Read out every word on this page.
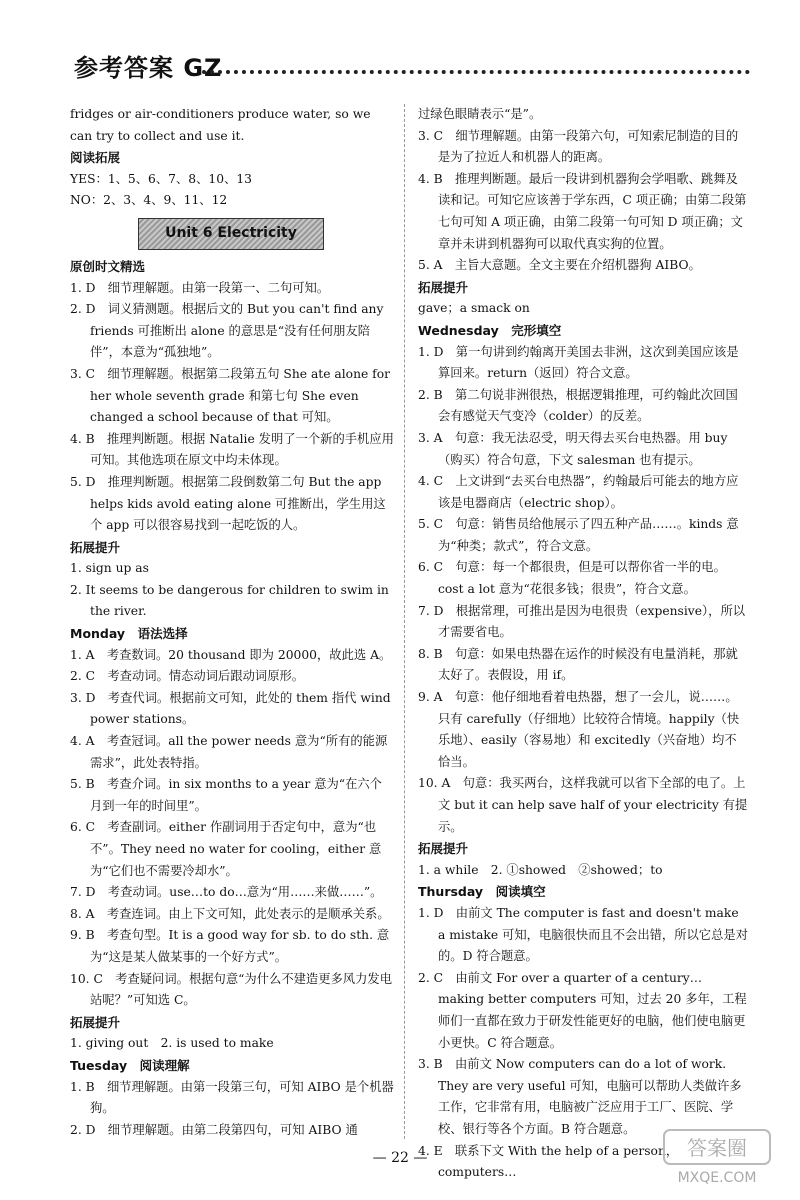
参考答案 GZ

fridges or air-conditioners produce water, so we can try to collect and use it.

阅读拓展

YES：1、5、6、7、8、10、13

NO：2、3、4、9、11、12

Unit 6 Electricity

原创时文精选

1. D　细节理解题。由第一段第一、二句可知。

2. D　词义猜测题。根据后文的 But you can't find any friends 可推断出 alone 的意思是“没有任何朋友陪伴”，本意为“孤独地”。

3. C　细节理解题。根据第二段第五句 She ate alone for her whole seventh grade 和第七句 She even changed a school because of that 可知。

4. B　推理判断题。根据 Natalie 发明了一个新的手机应用可知。其他选项在原文中均未体现。

5. D　推理判断题。根据第二段倒数第二句 But the app helps kids avold eating alone 可推断出，学生用这个 app 可以很容易找到一起吃饭的人。

拓展提升

1. sign up as

2. It seems to be dangerous for children to swim in the river.

Monday　语法选择

1. A　考查数词。20 thousand 即为 20000，故此选 A。

2. C　考查动词。情态动词后跟动词原形。

3. D　考查代词。根据前文可知，此处的 them 指代 wind power stations。

4. A　考查冠词。all the power needs 意为“所有的能源需求”，此处表特指。

5. B　考查介词。in six months to a year 意为“在六个月到一年的时间里”。

6. C　考查副词。either 作副词用于否定句中，意为“也不”。They need no water for cooling，either 意为“它们也不需要冷却水”。

7. D　考查动词。use…to do…意为“用……来做……”。

8. A　考查连词。由上下文可知，此处表示的是顺承关系。

9. B　考查句型。It is a good way for sb. to do sth. 意为“这是某人做某事的一个好方式”。

10. C　考查疑问词。根据句意“为什么不建造更多风力发电站呢？”可知选 C。

拓展提升

1. giving out　2. is used to make

Tuesday　阅读理解

1. B　细节理解题。由第一段第三句，可知 AIBO 是个机器狗。

2. D　细节理解题。由第二段第四句，可知 AIBO 通

过绿色眼睛表示“是”。

3. C　细节理解题。由第一段第六句，可知索尼制造的目的是为了拉近人和机器人的距离。

4. B　推理判断题。最后一段讲到机器狗会学唱歌、跳舞及读和记。可知它应该善于学东西，C 项正确；由第二段第七句可知 A 项正确，由第二段第一句可知 D 项正确；文章并未讲到机器狗可以取代真实狗的位置。

5. A　主旨大意题。全文主要在介绍机器狗 AIBO。

拓展提升

gave；a smack on

Wednesday　完形填空

1. D　第一句讲到约翰离开美国去非洲，这次到美国应该是算回来。return（返回）符合文意。

2. B　第二句说非洲很热，根据逻辑推理，可约翰此次回国会有感觉天气变冷（colder）的反差。

3. A　句意：我无法忍受，明天得去买台电热器。用 buy（购买）符合句意，下文 salesman 也有提示。

4. C　上文讲到“去买台电热器”，约翰最后可能去的地方应该是电器商店（electric shop）。

5. C　句意：销售员给他展示了四五种产品……。kinds 意为“种类；款式”，符合文意。

6. C　句意：每一个都很贵，但是可以帮你省一半的电。cost a lot 意为“花很多钱；很贵”，符合文意。

7. D　根据常理，可推出是因为电很贵（expensive），所以才需要省电。

8. B　句意：如果电热器在运作的时候没有电量消耗，那就太好了。表假设，用 if。

9. A　句意：他仔细地看着电热器，想了一会儿，说……。只有 carefully（仔细地）比较符合情境。happily（快乐地）、easily（容易地）和 excitedly（兴奋地）均不恰当。

10. A　句意：我买两台，这样我就可以省下全部的电了。上文 but it can help save half of your electricity 有提示。

拓展提升

1. a while　2. ①showed　②showed；to

Thursday　阅读填空

1. D　由前文 The computer is fast and doesn't make a mistake 可知，电脑很快而且不会出错，所以它总是对的。D 符合题意。

2. C　由前文 For over a quarter of a century…making better computers 可知，过去 20 多年，工程师们一直都在致力于研发性能更好的电脑，他们使电脑更小更快。C 符合题意。

3. B　由前文 Now computers can do a lot of work. They are very useful 可知，电脑可以帮助人类做许多工作，它非常有用，电脑被广泛应用于工厂、医院、学校、银行等各个方面。B 符合题意。

4. E　联系下文 With the help of a person，computers…

— 22 —	答案圈
MXQE.COM
